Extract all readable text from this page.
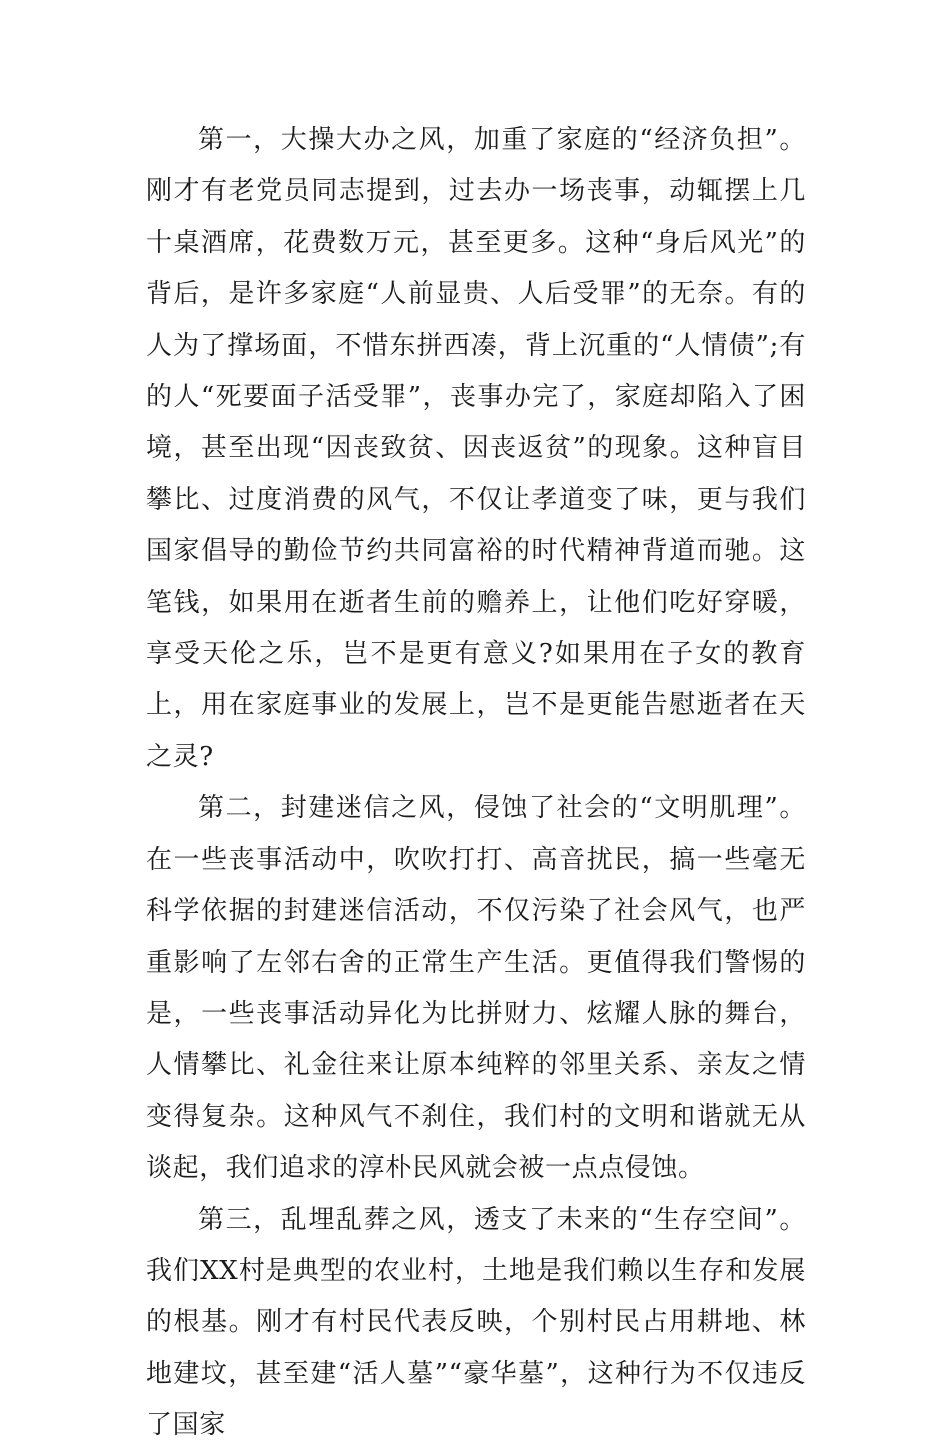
第一，大操大办之风，加重了家庭的“经济负担”。刚才有老党员同志提到，过去办一场丧事，动辄摆上几十桌酒席，花费数万元，甚至更多。这种“身后风光”的背后，是许多家庭“人前显贵、人后受罪”的无奈。有的人为了撑场面，不惜东拼西凑，背上沉重的“人情债”;有的人“死要面子活受罪”，丧事办完了，家庭却陷入了困境，甚至出现“因丧致贫、因丧返贫”的现象。这种盲目攀比、过度消费的风气，不仅让孝道变了味，更与我们国家倡导的勤俭节约共同富裕的时代精神背道而驰。这笔钱，如果用在逝者生前的赡养上，让他们吃好穿暖，享受天伦之乐，岂不是更有意义?如果用在子女的教育上，用在家庭事业的发展上，岂不是更能告慰逝者在天之灵?

第二，封建迷信之风，侵蚀了社会的“文明肌理”。在一些丧事活动中，吹吹打打、高音扰民，搞一些毫无科学依据的封建迷信活动，不仅污染了社会风气，也严重影响了左邻右舍的正常生产生活。更值得我们警惕的是，一些丧事活动异化为比拼财力、炫耀人脉的舞台，人情攀比、礼金往来让原本纯粹的邻里关系、亲友之情变得复杂。这种风气不刹住，我们村的文明和谐就无从谈起，我们追求的淳朴民风就会被一点点侵蚀。

第三，乱埋乱葬之风，透支了未来的“生存空间”。我们XX村是典型的农业村，土地是我们赖以生存和发展的根基。刚才有村民代表反映，个别村民占用耕地、林地建坟，甚至建“活人墓”“豪华墓”，这种行为不仅违反了国家
